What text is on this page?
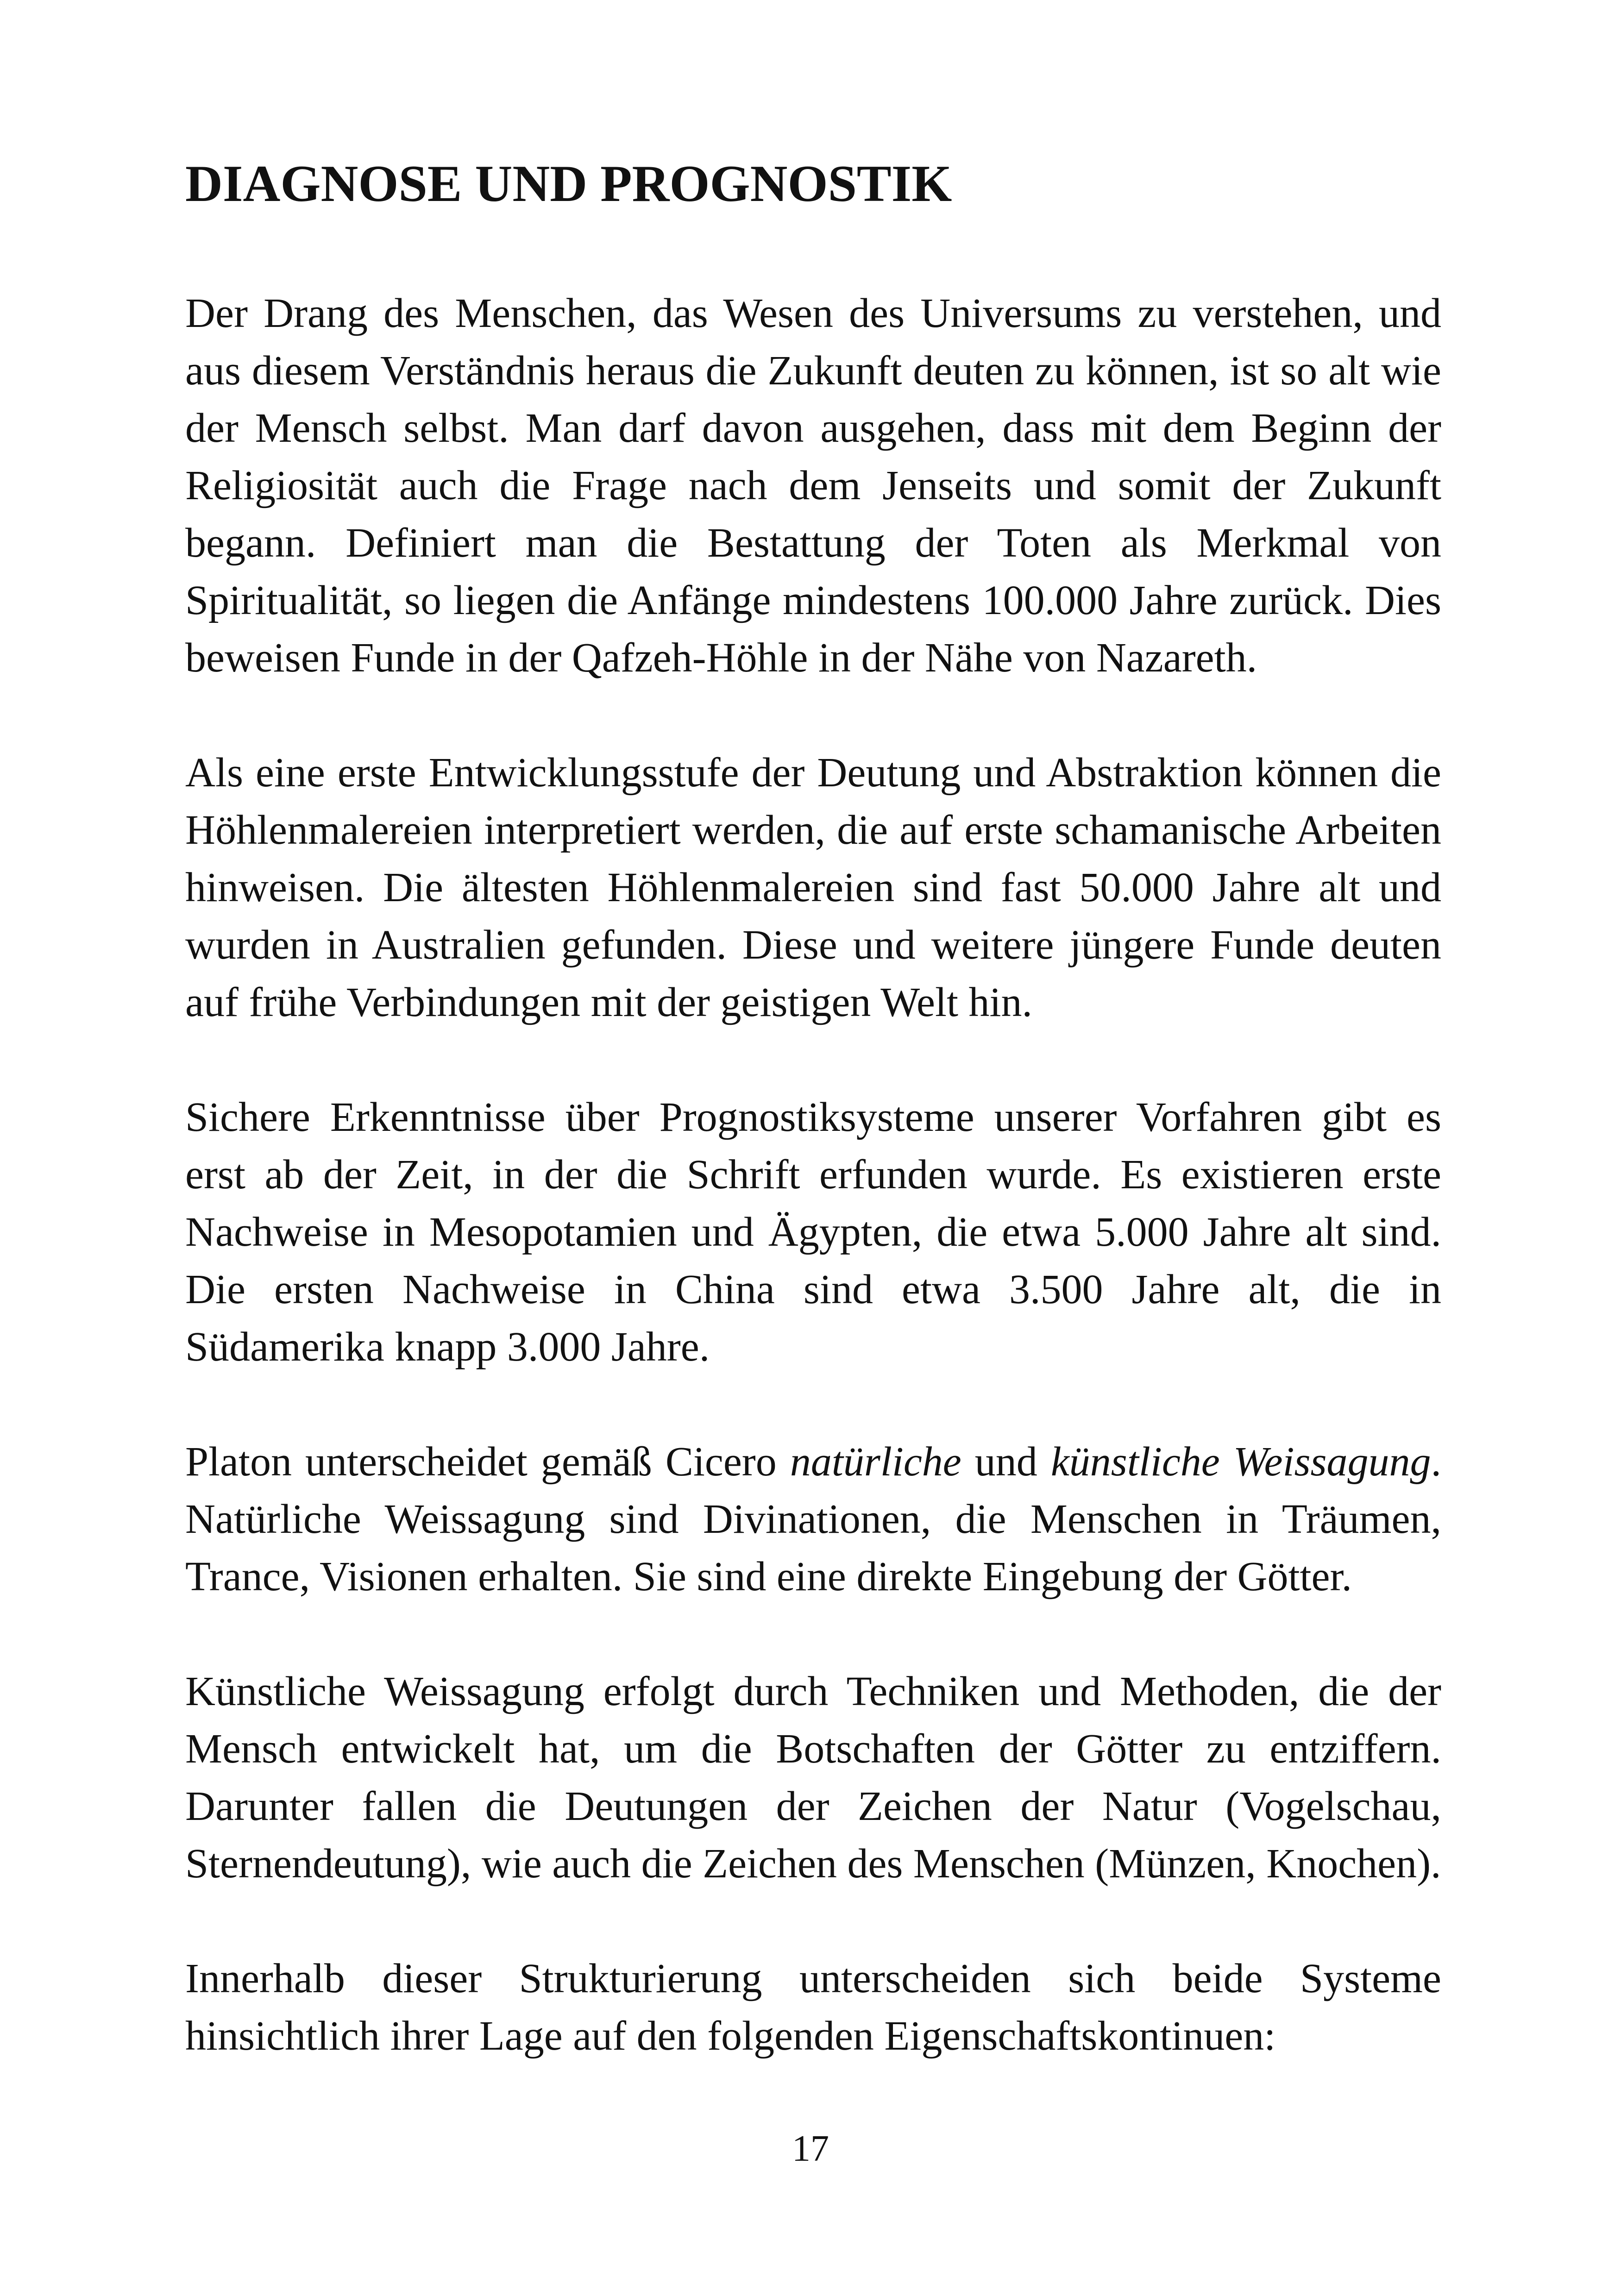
DIAGNOSE UND PROGNOSTIK

Der Drang des Menschen, das Wesen des Universums zu verstehen, und aus diesem Verständnis heraus die Zukunft deuten zu können, ist so alt wie der Mensch selbst. Man darf davon ausgehen, dass mit dem Beginn der Religiosität auch die Frage nach dem Jenseits und somit der Zukunft begann. Definiert man die Bestattung der Toten als Merkmal von Spiritualität, so liegen die Anfänge mindestens 100.000 Jahre zurück. Dies beweisen Funde in der Qafzeh-Höhle in der Nähe von Nazareth.

Als eine erste Entwicklungsstufe der Deutung und Abstraktion können die Höhlenmalereien interpretiert werden, die auf erste schamanische Arbeiten hinweisen. Die ältesten Höhlenmalereien sind fast 50.000 Jahre alt und wurden in Australien gefunden. Diese und weitere jüngere Funde deuten auf frühe Verbindungen mit der geistigen Welt hin.

Sichere Erkenntnisse über Prognostiksysteme unserer Vorfahren gibt es erst ab der Zeit, in der die Schrift erfunden wurde. Es existieren erste Nachweise in Mesopotamien und Ägypten, die etwa 5.000 Jahre alt sind. Die ersten Nachweise in China sind etwa 3.500 Jahre alt, die in Südamerika knapp 3.000 Jahre.

Platon unterscheidet gemäß Cicero natürliche und künstliche Weissagung. Natürliche Weissagung sind Divinationen, die Menschen in Träumen, Trance, Visionen erhalten. Sie sind eine direkte Eingebung der Götter.

Künstliche Weissagung erfolgt durch Techniken und Methoden, die der Mensch entwickelt hat, um die Botschaften der Götter zu entziffern. Darunter fallen die Deutungen der Zeichen der Natur (Vogelschau, Sternendeutung), wie auch die Zeichen des Menschen (Münzen, Knochen).

Innerhalb dieser Strukturierung unterscheiden sich beide Systeme hinsichtlich ihrer Lage auf den folgenden Eigenschaftskontinuen:

17
